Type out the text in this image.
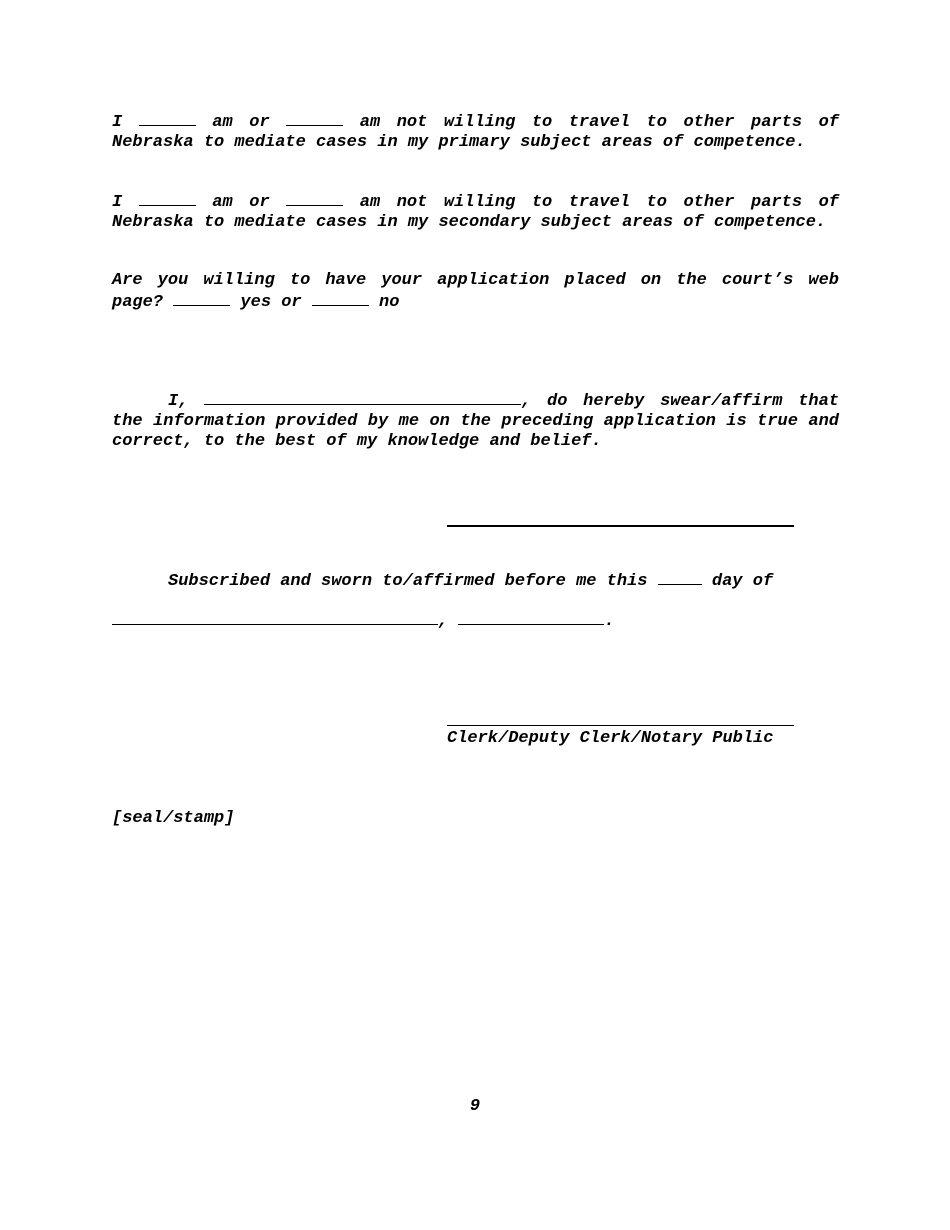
I	am or	am not willing to travel to other parts of Nebraska to mediate cases in my primary subject areas of competence.

I	am or	am not willing to travel to other parts of Nebraska to mediate cases in my secondary subject areas of competence.

Are you willing to have your application placed on the court’s web page?	yes or	no

I,	, do hereby swear/affirm that the information provided by me on the preceding application is true and correct, to the best of my knowledge and belief.

Subscribed and sworn to/affirmed before me this	day of

,	.

Clerk/Deputy Clerk/Notary Public

[seal/stamp]

9
